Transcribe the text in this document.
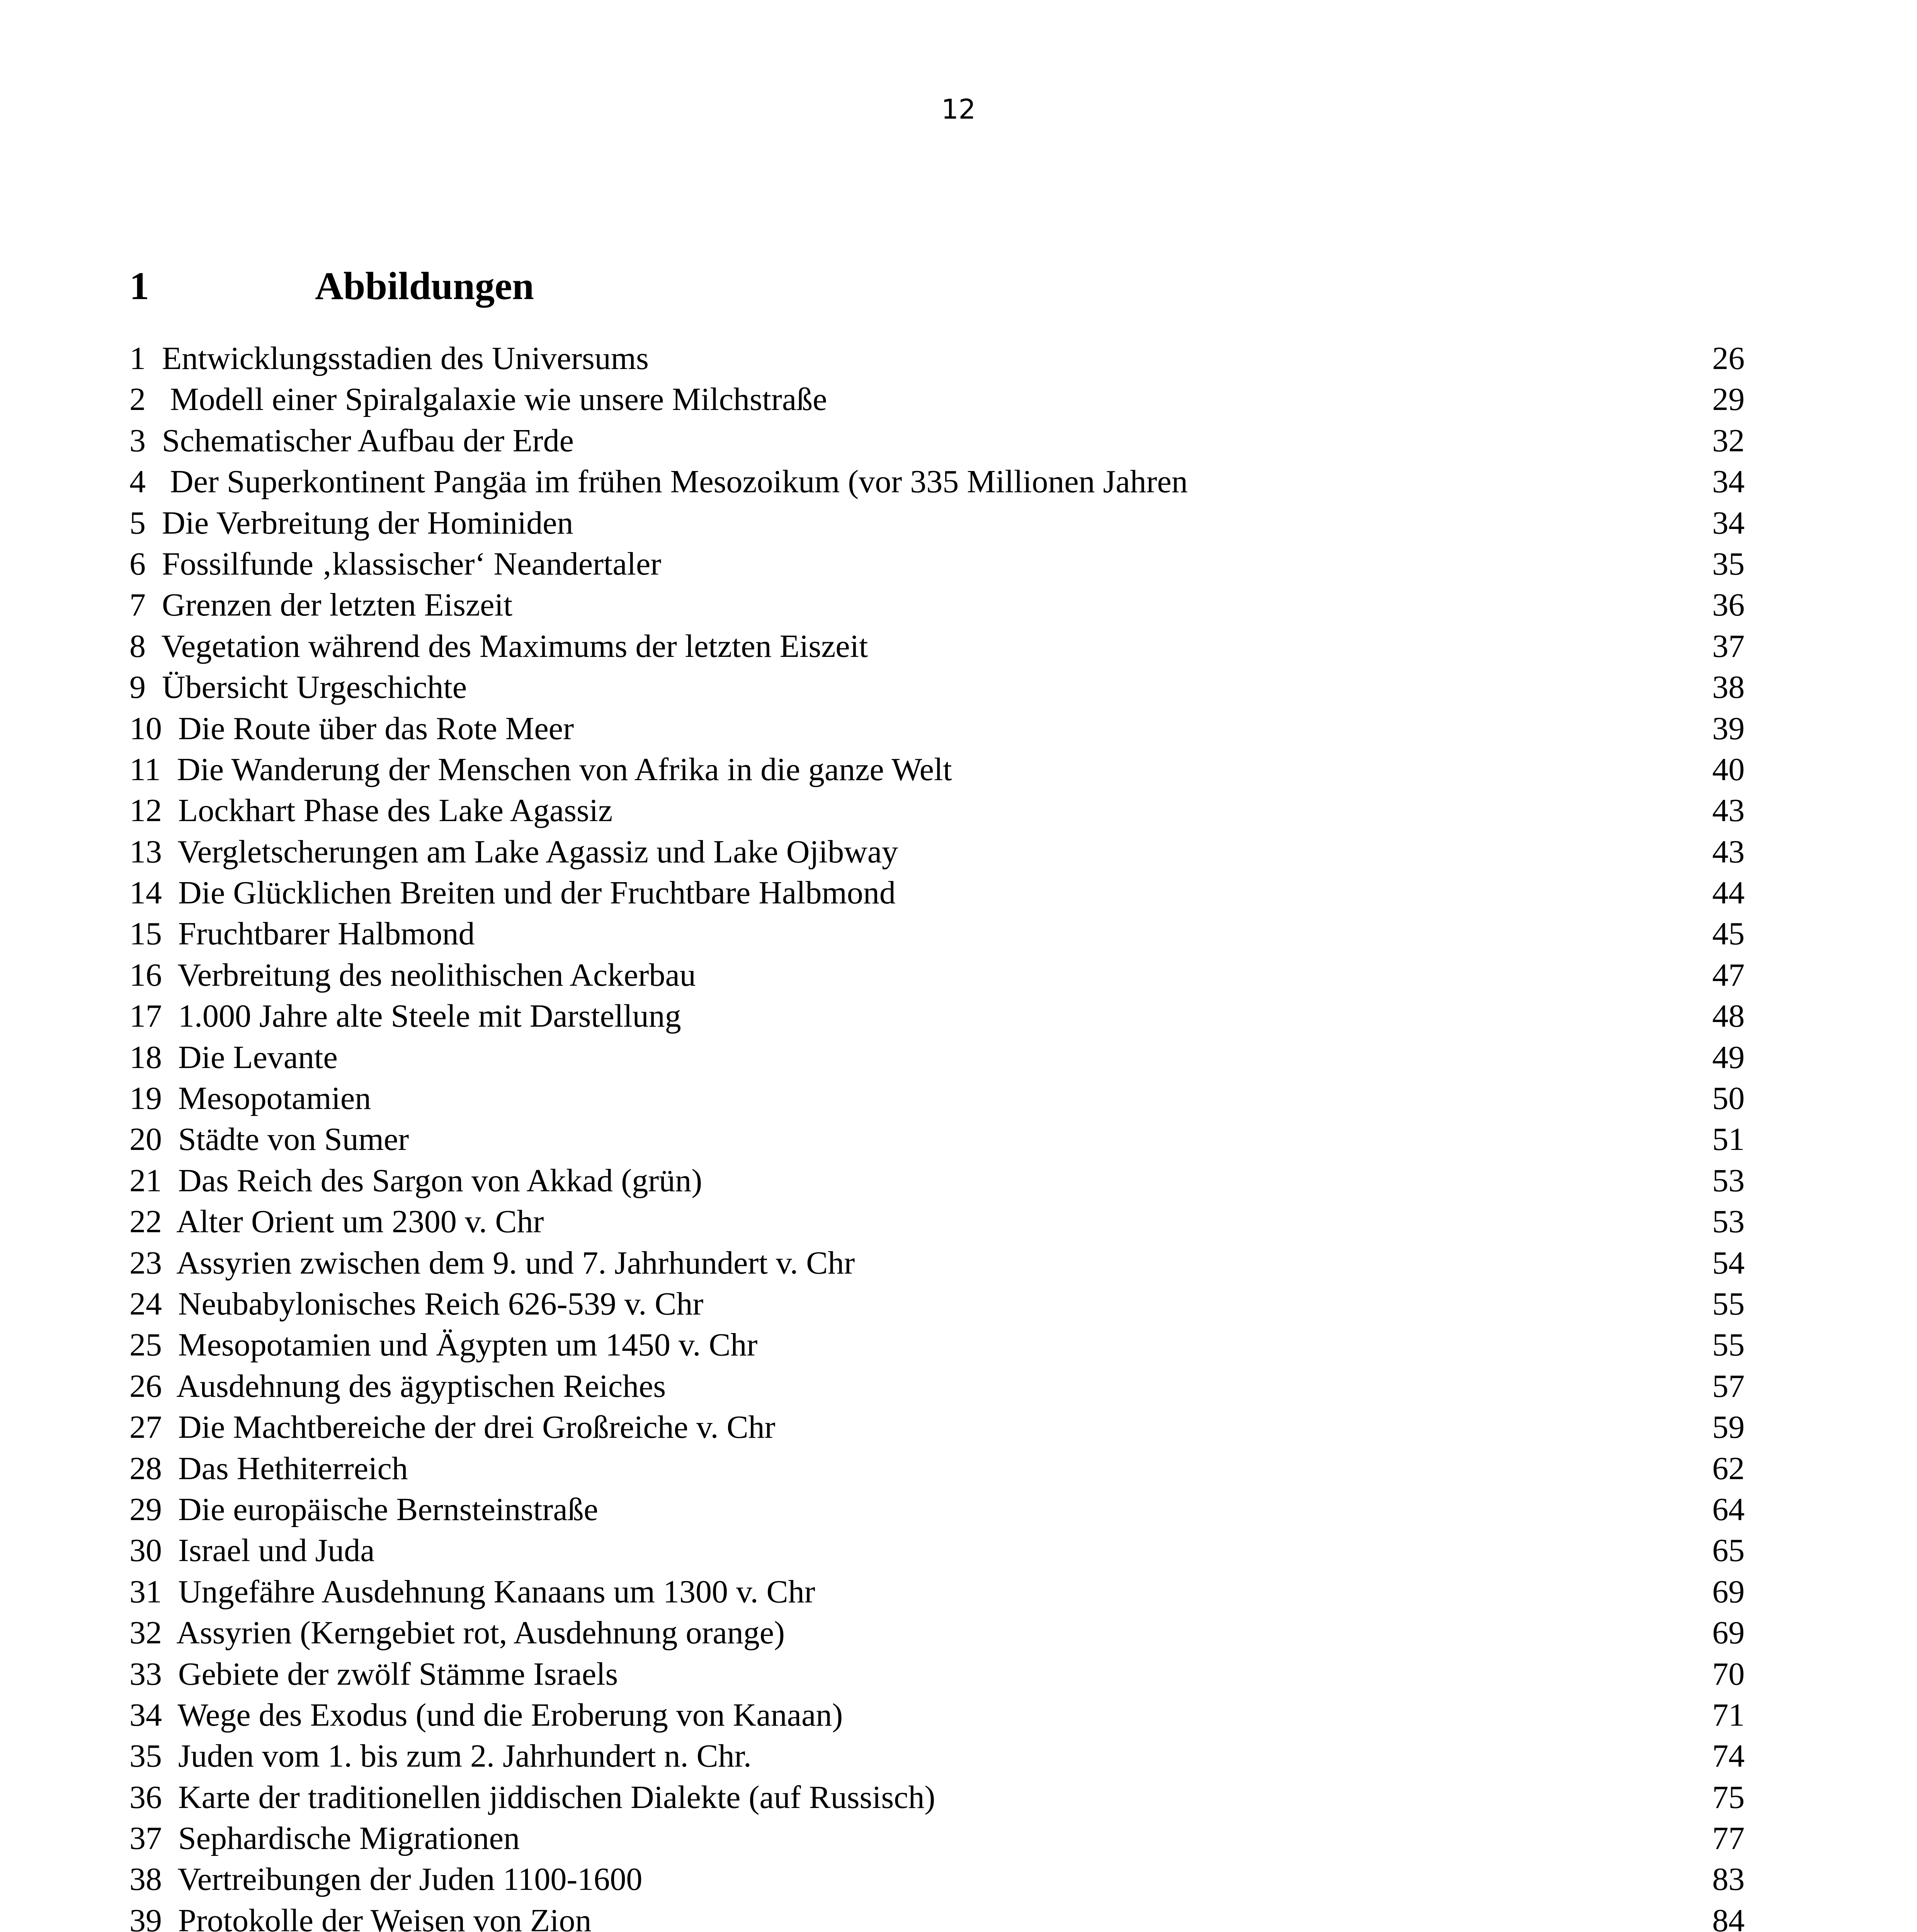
12
1	Abbildungen
1  Entwicklungsstadien des Universums	26
2   Modell einer Spiralgalaxie wie unsere Milchstraße	29
3  Schematischer Aufbau der Erde	32
4   Der Superkontinent Pangäa im frühen Mesozoikum (vor 335 Millionen Jahren	34
5  Die Verbreitung der Hominiden	34
6  Fossilfunde ‚klassischer‘ Neandertaler	35
7  Grenzen der letzten Eiszeit	36
8  Vegetation während des Maximums der letzten Eiszeit	37
9  Übersicht Urgeschichte	38
10  Die Route über das Rote Meer	39
11  Die Wanderung der Menschen von Afrika in die ganze Welt	40
12  Lockhart Phase des Lake Agassiz	43
13  Vergletscherungen am Lake Agassiz und Lake Ojibway	43
14  Die Glücklichen Breiten und der Fruchtbare Halbmond	44
15  Fruchtbarer Halbmond	45
16  Verbreitung des neolithischen Ackerbau	47
17  1.000 Jahre alte Steele mit Darstellung	48
18  Die Levante	49
19  Mesopotamien	50
20  Städte von Sumer	51
21  Das Reich des Sargon von Akkad (grün)	53
22  Alter Orient um 2300 v. Chr	53
23  Assyrien zwischen dem 9. und 7. Jahrhundert v. Chr	54
24  Neubabylonisches Reich 626-539 v. Chr	55
25  Mesopotamien und Ägypten um 1450 v. Chr	55
26  Ausdehnung des ägyptischen Reiches	57
27  Die Machtbereiche der drei Großreiche v. Chr	59
28  Das Hethiterreich	62
29  Die europäische Bernsteinstraße	64
30  Israel und Juda	65
31  Ungefähre Ausdehnung Kanaans um 1300 v. Chr	69
32  Assyrien (Kerngebiet rot, Ausdehnung orange)	69
33  Gebiete der zwölf Stämme Israels	70
34  Wege des Exodus (und die Eroberung von Kanaan)	71
35  Juden vom 1. bis zum 2. Jahrhundert n. Chr.	74
36  Karte der traditionellen jiddischen Dialekte (auf Russisch)	75
37  Sephardische Migrationen	77
38  Vertreibungen der Juden 1100-1600	83
39  Protokolle der Weisen von Zion	84
